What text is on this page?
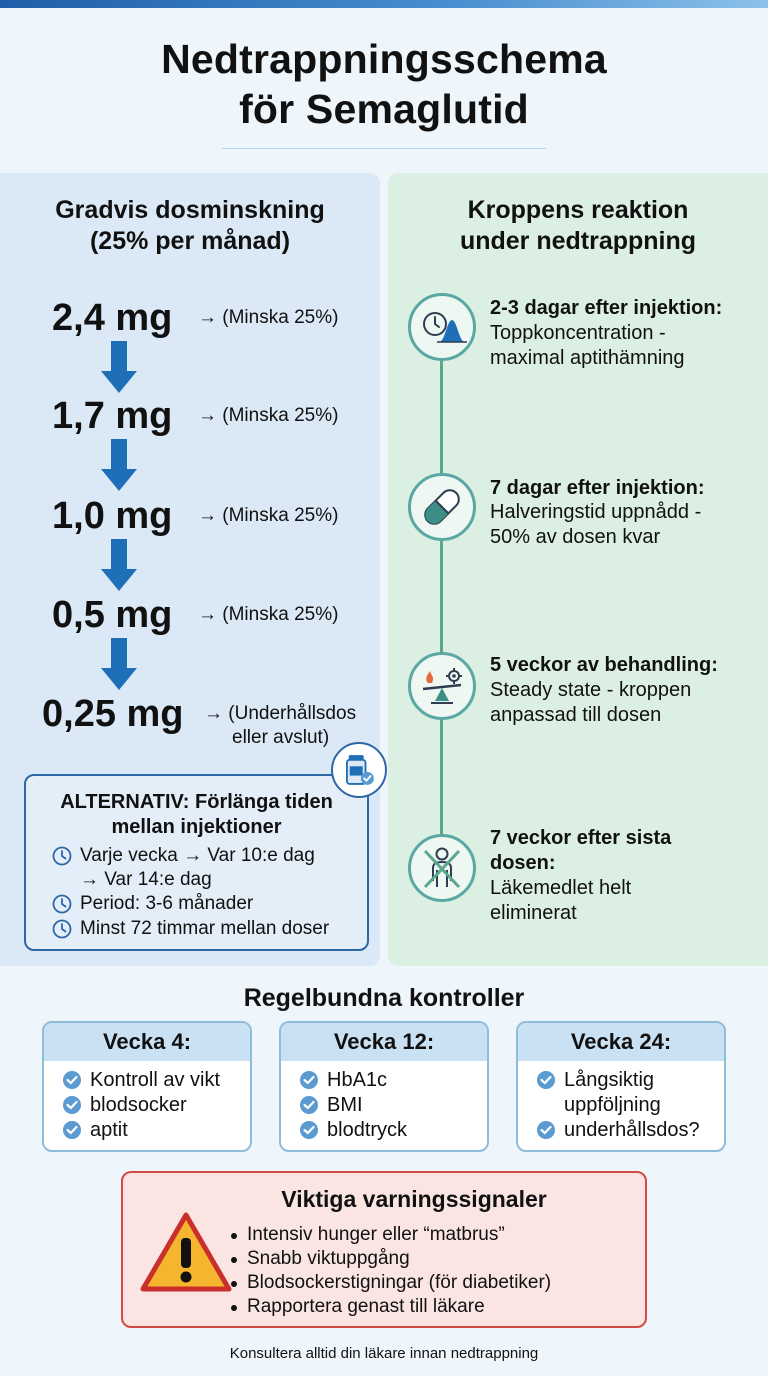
Nedtrappningsschema
för Semaglutid
Gradvis dosminskning
(25% per månad)
2,4 mg → (Minska 25%)
1,7 mg → (Minska 25%)
1,0 mg → (Minska 25%)
0,5 mg → (Minska 25%)
0,25 mg → (Underhållsdos
eller avslut)
ALTERNATIV: Förlänga tiden
mellan injektioner
Varje vecka → Var 10:e dag
→ Var 14:e dag
Period: 3-6 månader
Minst 72 timmar mellan doser
Kroppens reaktion
under nedtrappning
2-3 dagar efter injektion:
Toppkoncentration -
maximal aptithämning
7 dagar efter injektion:
Halveringstid uppnådd -
50% av dosen kvar
5 veckor av behandling:
Steady state - kroppen
anpassad till dosen
7 veckor efter sista
dosen:
Läkemedlet helt
eliminerat
Regelbundna kontroller
Vecka 4:
Kontroll av vikt
blodsocker
aptit
Vecka 12:
HbA1c
BMI
blodtryck
Vecka 24:
Långsiktig
uppföljning
underhållsdos?
Viktiga varningssignaler
Intensiv hunger eller “matbrus”
Snabb viktuppgång
Blodsockerstigningar (för diabetiker)
Rapportera genast till läkare
Konsultera alltid din läkare innan nedtrappning
